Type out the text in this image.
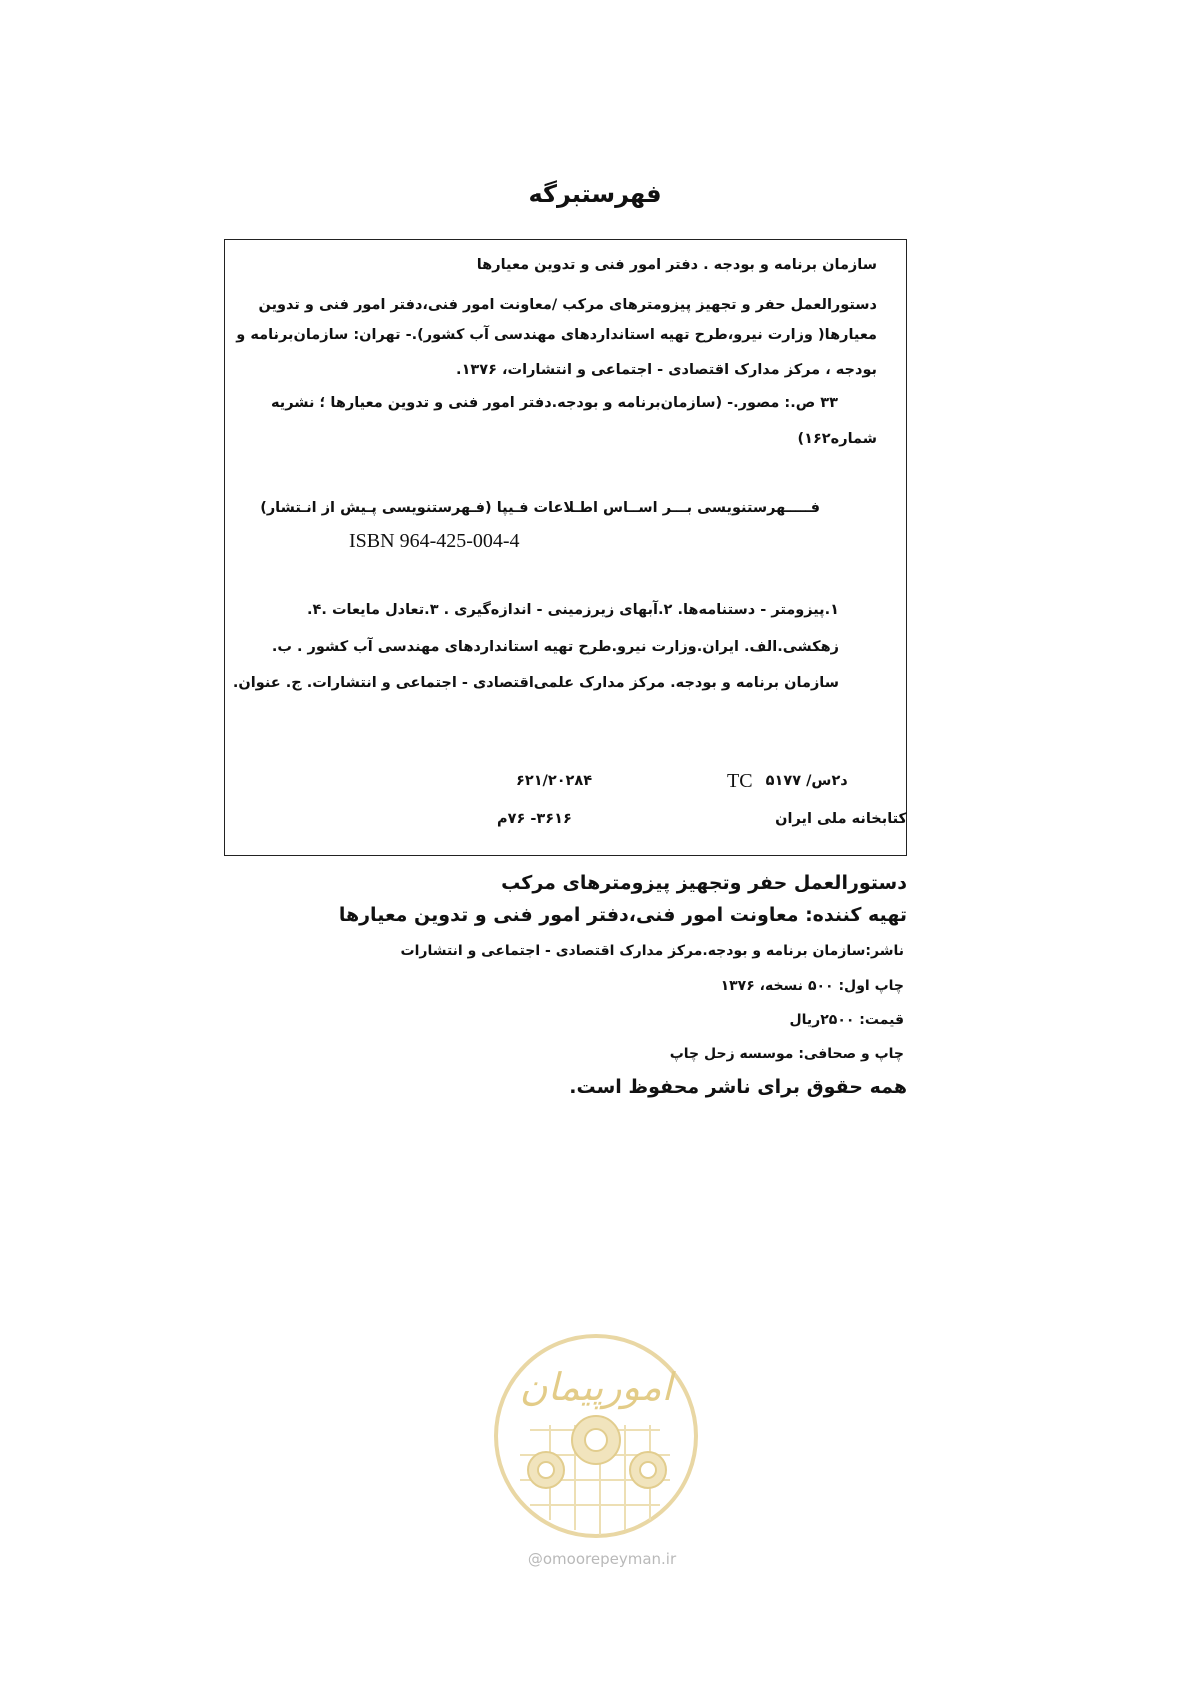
فهرستبرگه
سازمان برنامه و بودجه . دفتر امور فنی و تدوین معیارها
دستورالعمل حفر و تجهیز پیزومترهای مرکب /معاونت امور فنی،دفتر امور فنی و تدوین
معیارها( وزارت نیرو،طرح تهیه استانداردهای مهندسی آب کشور).- تهران: سازمان‌برنامه و
بودجه ، مرکز مدارک اقتصادی - اجتماعی و انتشارات، ۱۳۷۶.
۳۳ ص.: مصور.- (سازمان‌برنامه و بودجه.دفتر امور فنی و تدوین معیارها ؛ نشریه
شماره۱۶۲)
فـــــهرستنویسی بـــر اســاس اطـلاعات فـیپا (فـهرستنویسی پـیش از انـتشار)
ISBN 964-425-004-4
۱.پیزومتر - دستنامه‌ها. ۲.آبهای زیرزمینی - اندازه‌گیری . ۳.تعادل مایعات .۴.
زهکشی.الف. ایران.وزارت نیرو.طرح تهیه استانداردهای مهندسی آب کشور . ب.
سازمان برنامه و بودجه. مرکز مدارک علمی‌اقتصادی - اجتماعی و انتشارات. ج. عنوان.
۶۲۱/۲۰۲۸۴	TC ۵د۲س/ ۱۷۷
۳۶۱۶- ۷۶م	کتابخانه ملی ایران
دستورالعمل حفر وتجهیز پیزومترهای مرکب
تهیه کننده: معاونت امور فنی،دفتر امور فنی و تدوین معیارها
ناشر:سازمان برنامه و بودجه.مرکز مدارک اقتصادی - اجتماعی و انتشارات
چاپ اول: ۵۰۰ نسخه، ۱۳۷۶
قیمت: ۲۵۰۰ریال
چاپ و صحافی: موسسه زحل چاپ
همه حقوق برای ناشر محفوظ است.
امورپیمان
@omoorepeyman.ir
